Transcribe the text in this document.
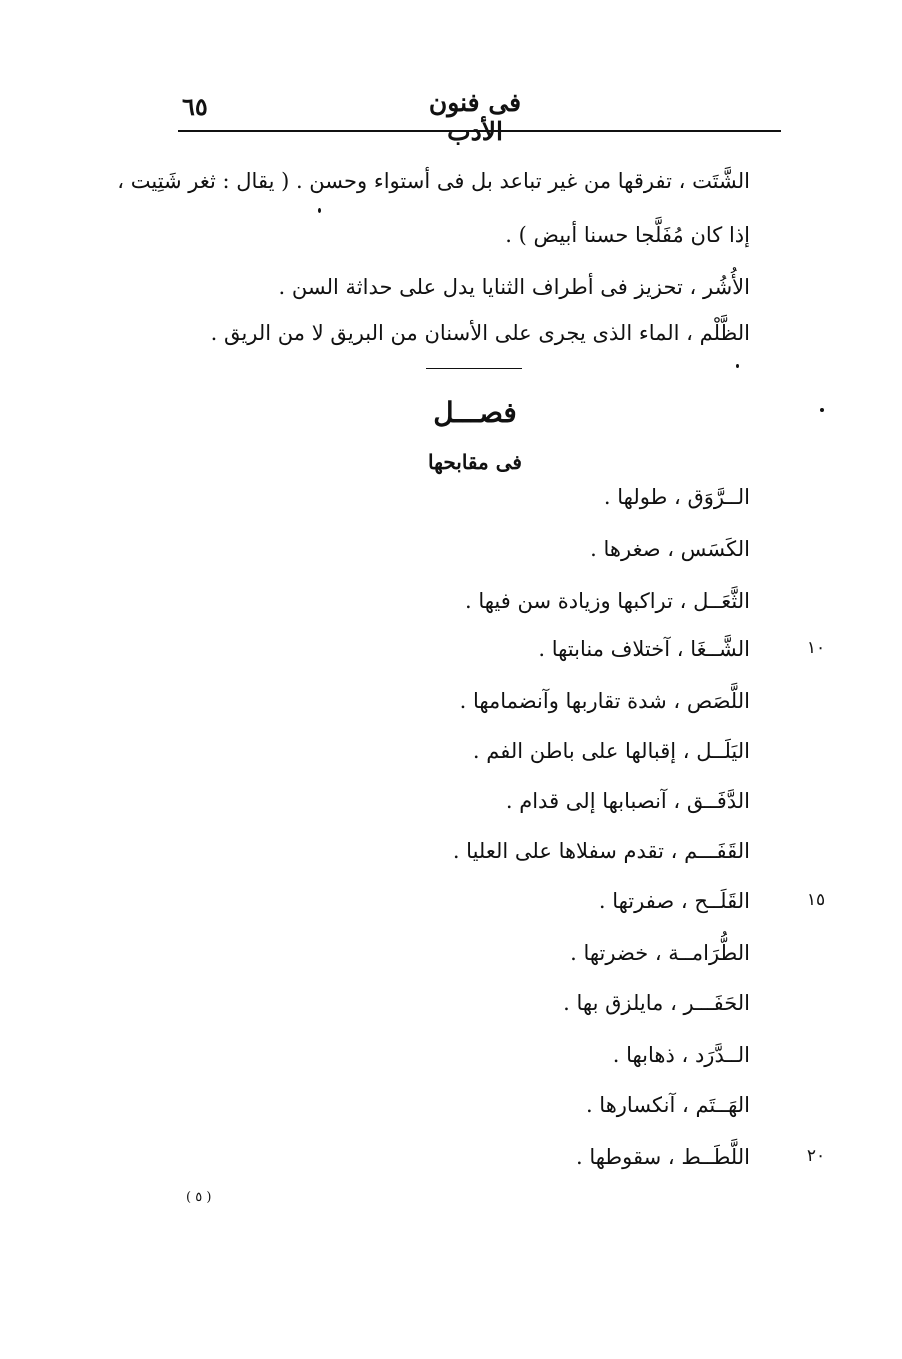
٦٥	فى فنون الأدب
الشَّتَت ، تفرقها من غير تباعد بل فى أستواء وحسن . ( يقال : ثغر شَتِيت ،
إذا كان مُفَلَّجا حسنا أبيض ) .
الأُشُر ، تحزيز فى أطراف الثنايا يدل على حداثة السن .
الظَّلْم ، الماء الذى يجرى على الأسنان من البريق لا من الريق .
فصـــل
فى مقابحها
الــرَّوَق ، طولها .
الكَسَس ، صغرها .
الثَّعَــل ، تراكبها وزيادة سن فيها .
الشَّــغَا ، آختلاف منابتها .
اللَّصَص ، شدة تقاربها وآنضمامها .
اليَلَــل ، إقبالها على باطن الفم .
الدَّفَــق ، آنصبابها إلى قدام .
القَفَـــم ، تقدم سفلاها على العليا .
القَلَــح ، صفرتها .
الطُّرَامــة ، خضرتها .
الحَفَـــر ، مايلزق بها .
الــدَّرَد ، ذهابها .
الهَــتَم ، آنكسارها .
اللَّطَــط ، سقوطها .
١٠
١٥
٢٠
( ٥ )
